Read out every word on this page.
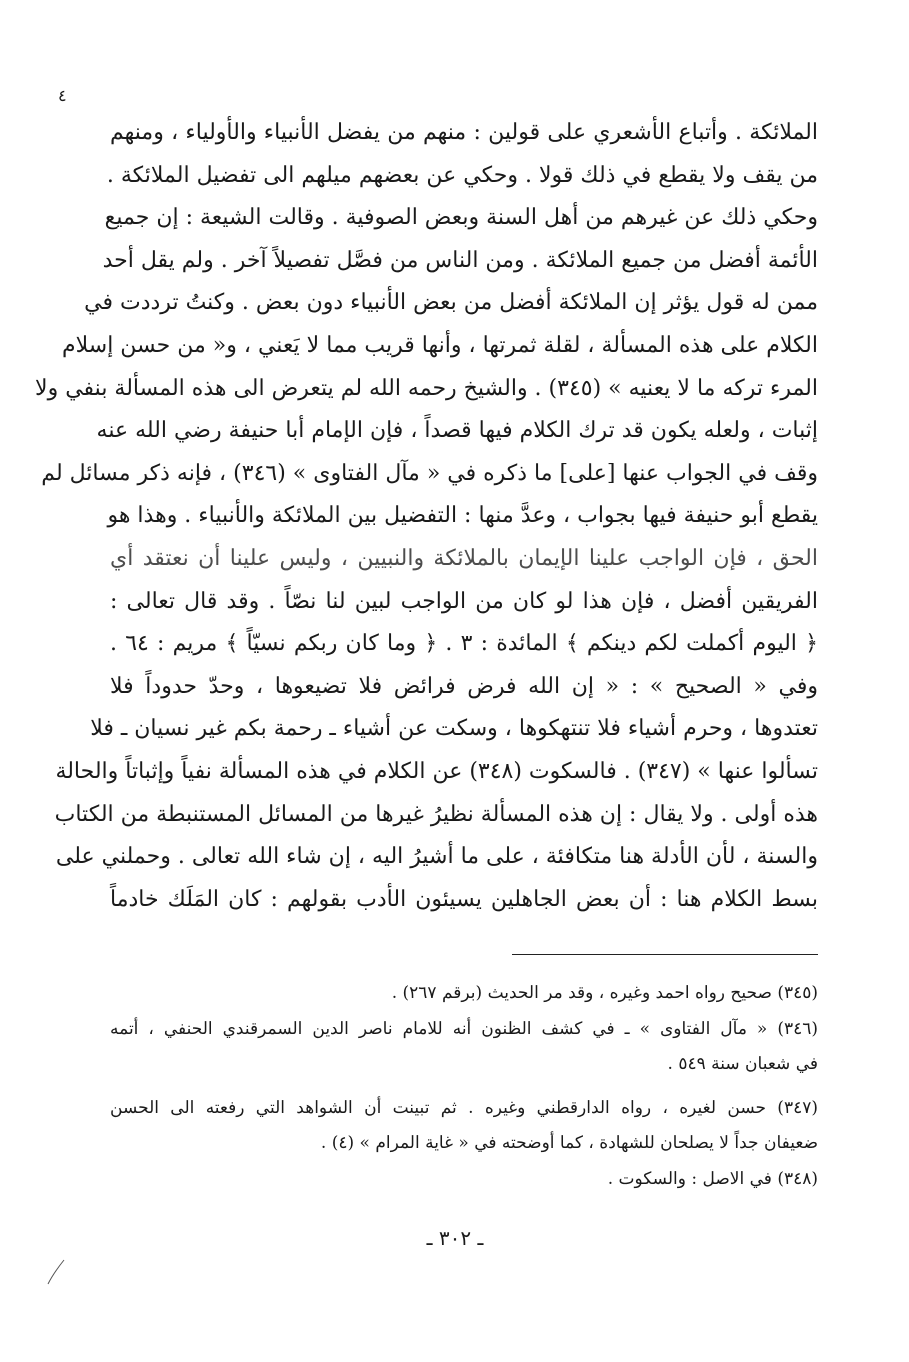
٤
الملائكة . وأتباع الأشعري على قولين : منهم من يفضل الأنبياء والأولياء ، ومنهم
من يقف ولا يقطع في ذلك قولا . وحكي عن بعضهم ميلهم الى تفضيل الملائكة .
وحكي ذلك عن غيرهم من أهل السنة وبعض الصوفية . وقالت الشيعة : إن جميع
الأئمة أفضل من جميع الملائكة . ومن الناس من فصَّل تفصيلاً آخر . ولم يقل أحد
ممن له قول يؤثر إن الملائكة أفضل من بعض الأنبياء دون بعض . وكنتُ ترددت في
الكلام على هذه المسألة ، لقلة ثمرتها ، وأنها قريب مما لا يَعني ، و« من حسن إسلام
المرء تركه ما لا يعنيه » (٣٤٥) . والشيخ رحمه الله لم يتعرض الى هذه المسألة بنفي ولا
إثبات ، ولعله يكون قد ترك الكلام فيها قصداً ، فإن الإمام أبا حنيفة رضي الله عنه
وقف في الجواب عنها [على] ما ذكره في « مآل الفتاوى » (٣٤٦) ، فإنه ذكر مسائل لم
يقطع أبو حنيفة فيها بجواب ، وعدَّ منها : التفضيل بين الملائكة والأنبياء . وهذا هو
الحق ، فإن الواجب علينا الإيمان بالملائكة والنبيين ، وليس علينا أن نعتقد أي
الفريقين أفضل ، فإن هذا لو كان من الواجب لبين لنا نصّاً . وقد قال تعالى :
﴿ اليوم أكملت لكم دينكم ﴾ المائدة : ٣ . ﴿ وما كان ربكم نسيّاً ﴾ مريم : ٦٤ .
وفي « الصحيح » : « إن الله فرض فرائض فلا تضيعوها ، وحدّ حدوداً فلا
تعتدوها ، وحرم أشياء فلا تنتهكوها ، وسكت عن أشياء ـ رحمة بكم غير نسيان ـ فلا
تسألوا عنها » (٣٤٧) . فالسكوت (٣٤٨) عن الكلام في هذه المسألة نفياً وإثباتاً والحالة
هذه أولى . ولا يقال : إن هذه المسألة نظيرُ غيرها من المسائل المستنبطة من الكتاب
والسنة ، لأن الأدلة هنا متكافئة ، على ما أشيرُ اليه ، إن شاء الله تعالى . وحملني على
بسط الكلام هنا : أن بعض الجاهلين يسيئون الأدب بقولهم : كان المَلَك خادماً
(٣٤٥) صحيح رواه احمد وغيره ، وقد مر الحديث (برقم ٢٦٧) .
(٣٤٦) « مآل الفتاوى » ـ في كشف الظنون أنه للامام ناصر الدين السمرقندي الحنفي ، أتمه
في شعبان سنة ٥٤٩ .
(٣٤٧) حسن لغيره ، رواه الدارقطني وغيره . ثم تبينت أن الشواهد التي رفعته الى الحسن
ضعيفان جداً لا يصلحان للشهادة ، كما أوضحته في « غاية المرام » (٤) .
(٣٤٨) في الاصل : والسكوت .
ـ ٣٠٢ ـ
